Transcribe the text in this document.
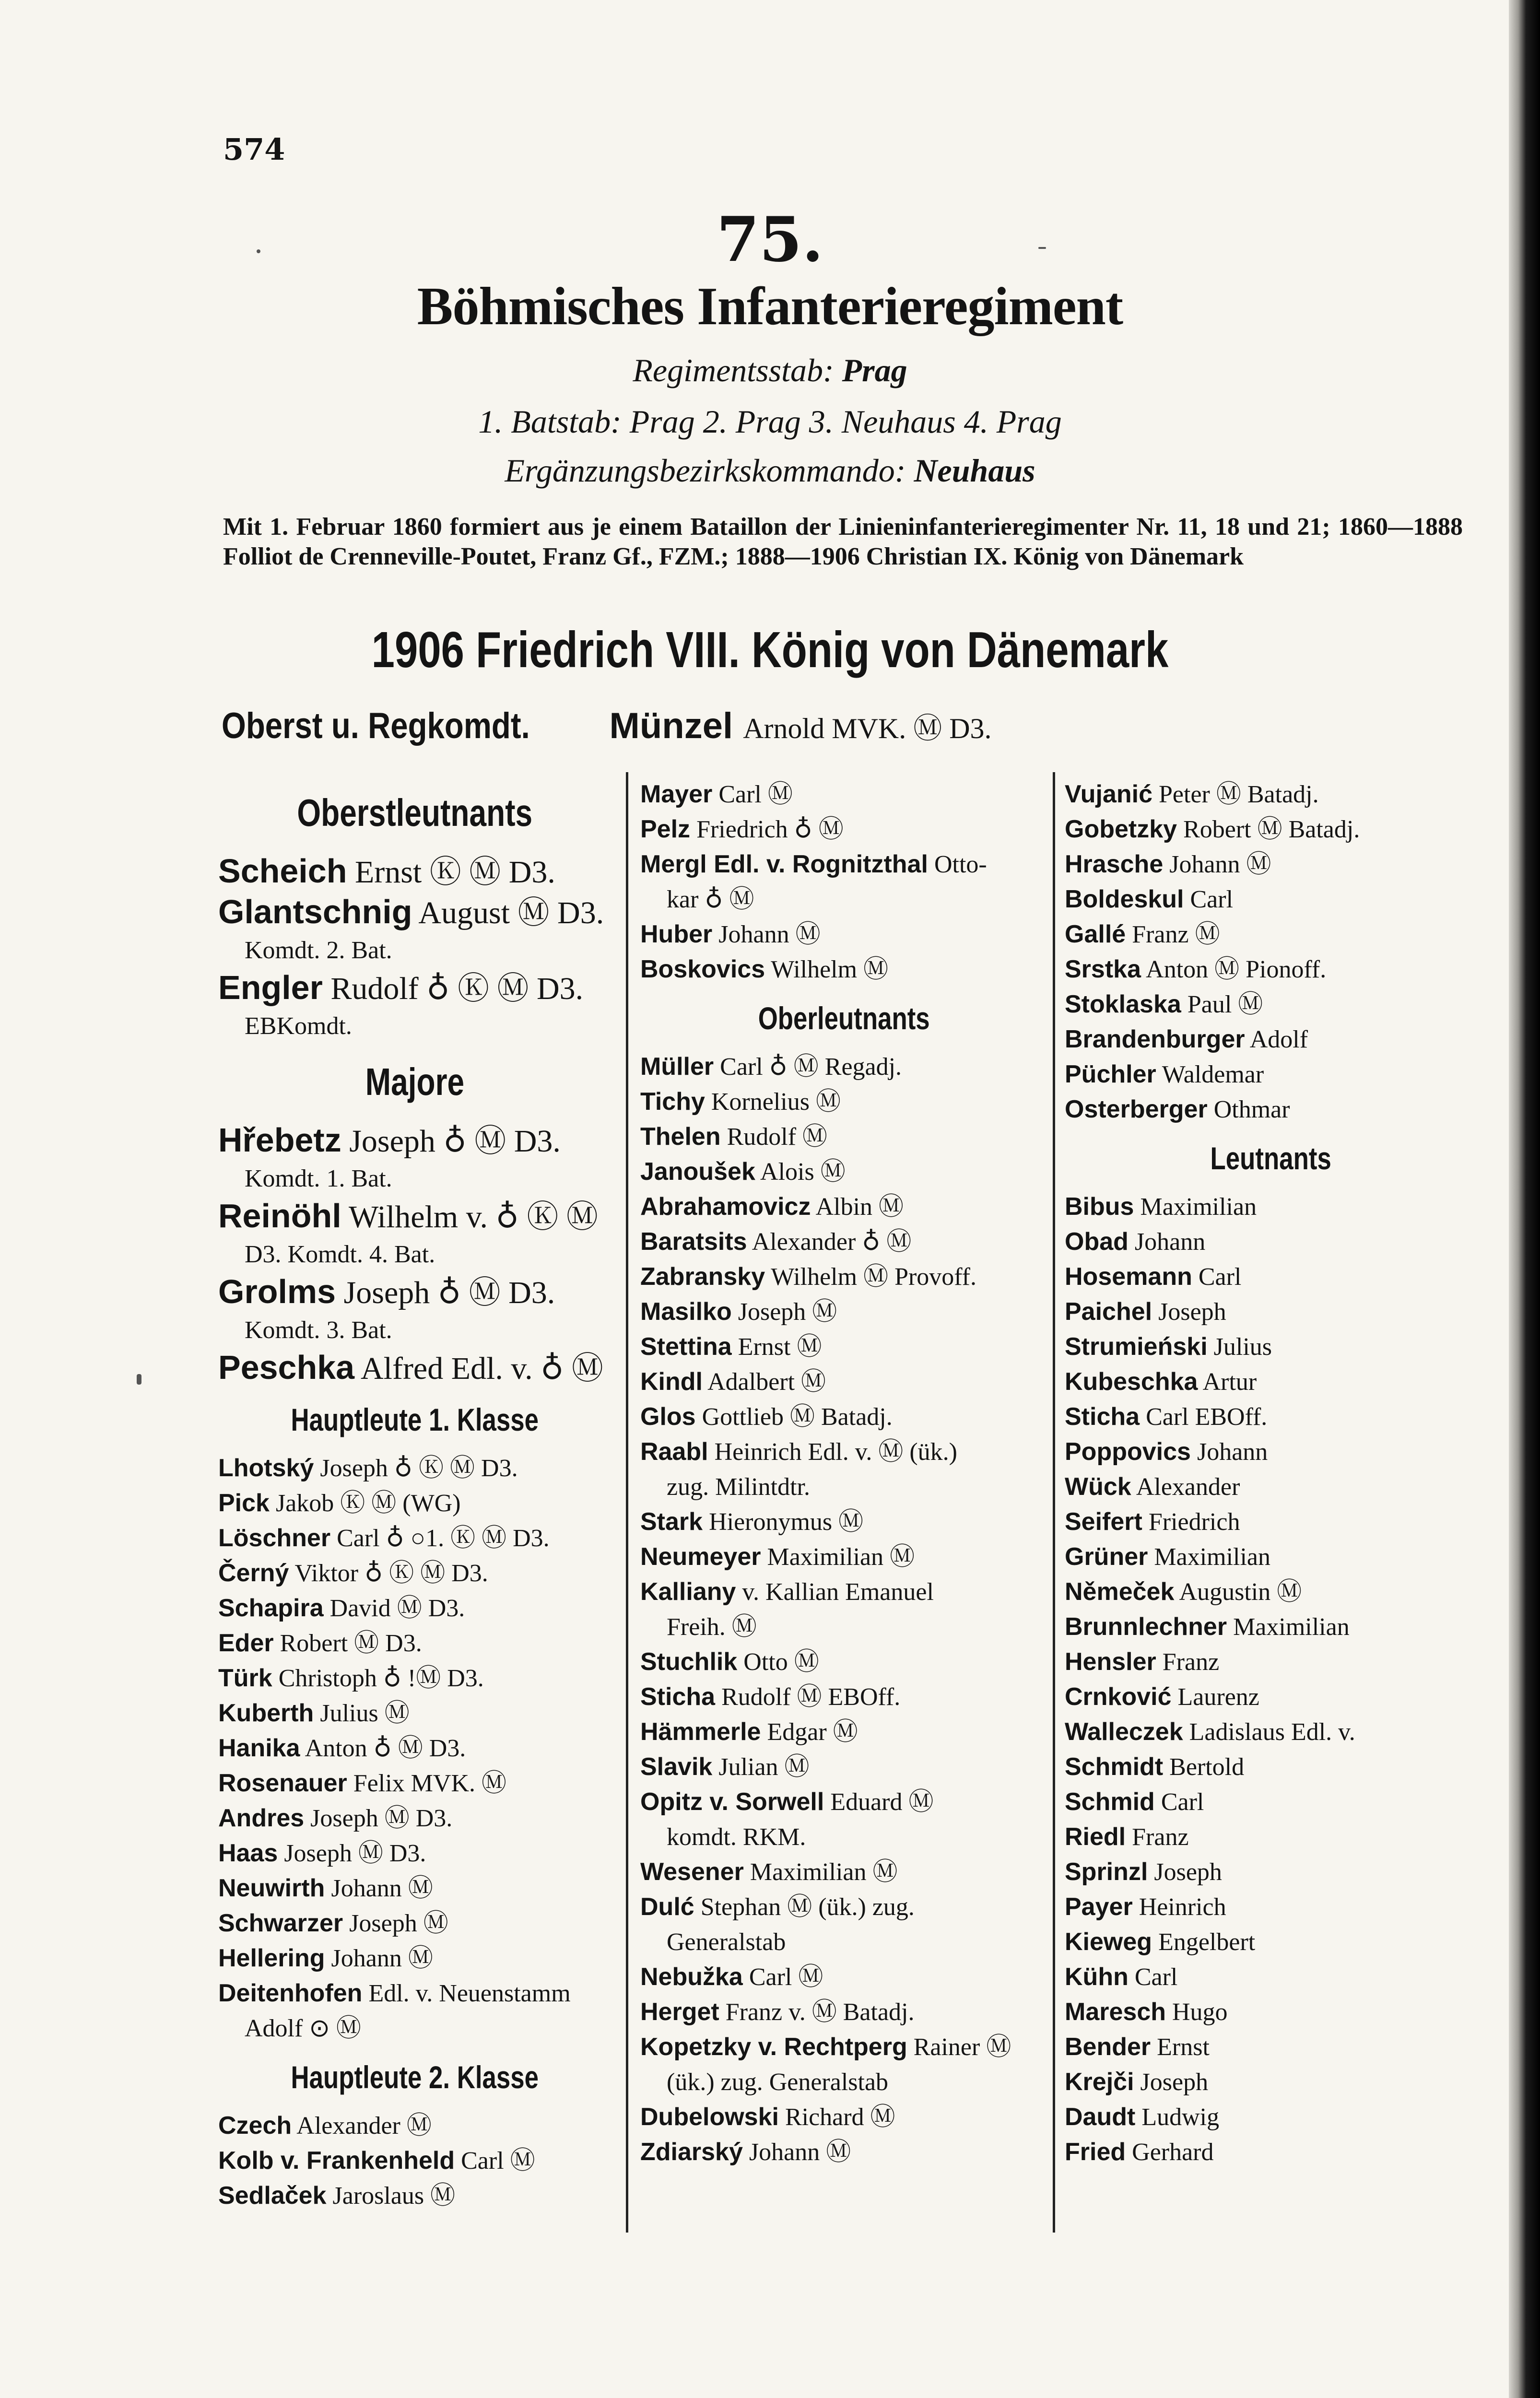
574
75.
Böhmisches Infanterieregiment
Regimentsstab: Prag
1. Batstab: Prag 2. Prag 3. Neuhaus 4. Prag
Ergänzungsbezirkskommando: Neuhaus
Mit 1. Februar 1860 formiert aus je einem Bataillon der Linieninfanterieregimenter Nr. 11, 18 und 21; 1860—1888 Folliot de Crenneville-Poutet, Franz Gf., FZM.; 1888—1906 Christian IX. König von Dänemark
1906 Friedrich VIII. König von Dänemark
Oberst u. Regkomdt. Münzel Arnold MVK. Ⓜ D3.
Oberstleutnants
Scheich Ernst Ⓚ Ⓜ D3.
Glantschnig August Ⓜ D3.
Komdt. 2. Bat.
Engler Rudolf ♁ Ⓚ Ⓜ D3.
EBKomdt.
Majore
Hřebetz Joseph ♁ Ⓜ D3.
Komdt. 1. Bat.
Reinöhl Wilhelm v. ♁ Ⓚ Ⓜ
D3. Komdt. 4. Bat.
Grolms Joseph ♁ Ⓜ D3.
Komdt. 3. Bat.
Peschka Alfred Edl. v. ♁ Ⓜ
Hauptleute 1. Klasse
Lhotský Joseph ♁ Ⓚ Ⓜ D3.
Pick Jakob Ⓚ Ⓜ (WG)
Löschner Carl ♁ ○1. Ⓚ Ⓜ D3.
Černý Viktor ♁ Ⓚ Ⓜ D3.
Schapira David Ⓜ D3.
Eder Robert Ⓜ D3.
Türk Christoph ♁ !Ⓜ D3.
Kuberth Julius Ⓜ
Hanika Anton ♁ Ⓜ D3.
Rosenauer Felix MVK. Ⓜ
Andres Joseph Ⓜ D3.
Haas Joseph Ⓜ D3.
Neuwirth Johann Ⓜ
Schwarzer Joseph Ⓜ
Hellering Johann Ⓜ
Deitenhofen Edl. v. Neuenstamm
Adolf ⊙ Ⓜ
Hauptleute 2. Klasse
Czech Alexander Ⓜ
Kolb v. Frankenheld Carl Ⓜ
Sedlaček Jaroslaus Ⓜ
Mayer Carl Ⓜ
Pelz Friedrich ♁ Ⓜ
Mergl Edl. v. Rognitzthal Otto-
kar ♁ Ⓜ
Huber Johann Ⓜ
Boskovics Wilhelm Ⓜ
Oberleutnants
Müller Carl ♁ Ⓜ Regadj.
Tichy Kornelius Ⓜ
Thelen Rudolf Ⓜ
Janoušek Alois Ⓜ
Abrahamovicz Albin Ⓜ
Baratsits Alexander ♁ Ⓜ
Zabransky Wilhelm Ⓜ Provoff.
Masilko Joseph Ⓜ
Stettina Ernst Ⓜ
Kindl Adalbert Ⓜ
Glos Gottlieb Ⓜ Batadj.
Raabl Heinrich Edl. v. Ⓜ (ük.)
zug. Milintdtr.
Stark Hieronymus Ⓜ
Neumeyer Maximilian Ⓜ
Kalliany v. Kallian Emanuel
Freih. Ⓜ
Stuchlik Otto Ⓜ
Sticha Rudolf Ⓜ EBOff.
Hämmerle Edgar Ⓜ
Slavik Julian Ⓜ
Opitz v. Sorwell Eduard Ⓜ
komdt. RKM.
Wesener Maximilian Ⓜ
Dulć Stephan Ⓜ (ük.) zug.
Generalstab
Nebužka Carl Ⓜ
Herget Franz v. Ⓜ Batadj.
Kopetzky v. Rechtperg Rainer Ⓜ
(ük.) zug. Generalstab
Dubelowski Richard Ⓜ
Zdiarský Johann Ⓜ
Vujanić Peter Ⓜ Batadj.
Gobetzky Robert Ⓜ Batadj.
Hrasche Johann Ⓜ
Boldeskul Carl
Gallé Franz Ⓜ
Srstka Anton Ⓜ Pionoff.
Stoklaska Paul Ⓜ
Brandenburger Adolf
Püchler Waldemar
Osterberger Othmar
Leutnants
Bibus Maximilian
Obad Johann
Hosemann Carl
Paichel Joseph
Strumieński Julius
Kubeschka Artur
Sticha Carl EBOff.
Poppovics Johann
Wück Alexander
Seifert Friedrich
Grüner Maximilian
Němeček Augustin Ⓜ
Brunnlechner Maximilian
Hensler Franz
Crnković Laurenz
Walleczek Ladislaus Edl. v.
Schmidt Bertold
Schmid Carl
Riedl Franz
Sprinzl Joseph
Payer Heinrich
Kieweg Engelbert
Kühn Carl
Maresch Hugo
Bender Ernst
Krejči Joseph
Daudt Ludwig
Fried Gerhard
